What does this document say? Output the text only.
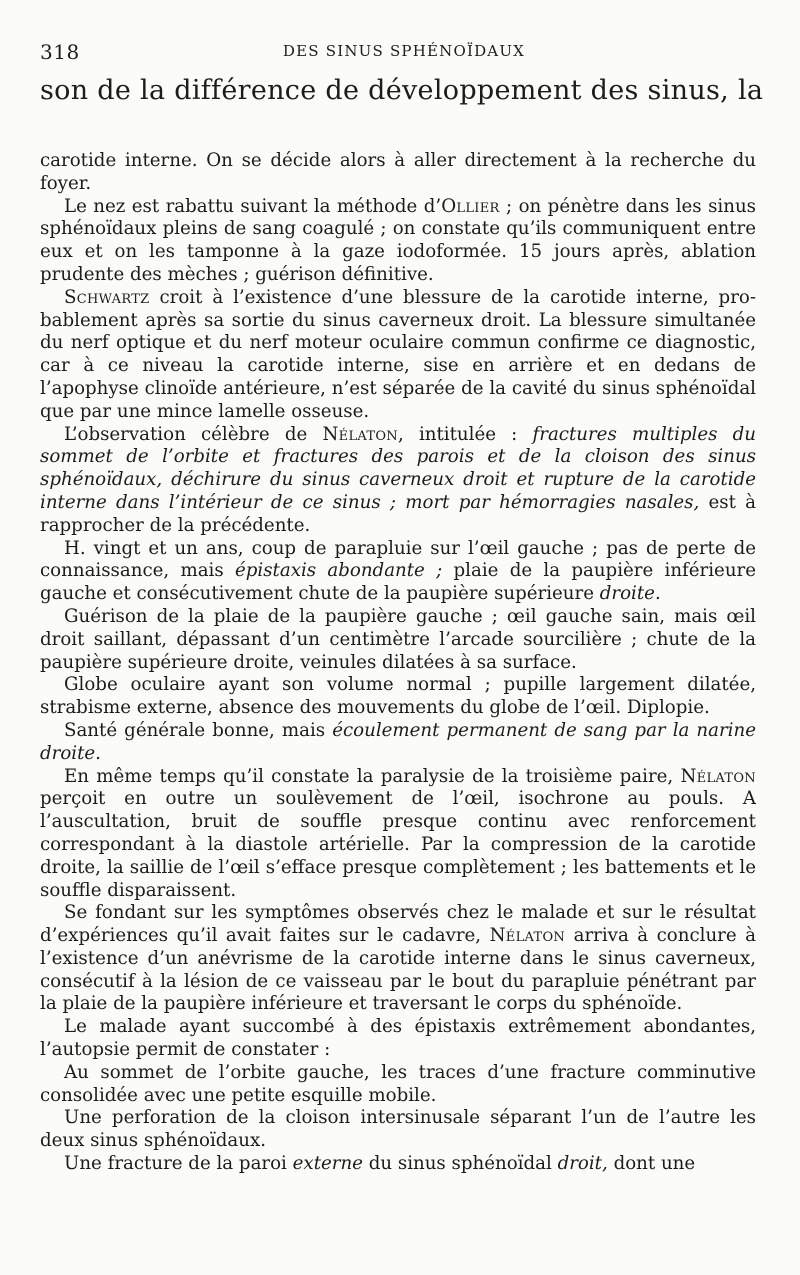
318	DES SINUS SPHÉNOÏDAUX
son de la différence de développement des sinus, la

carotide interne. On se décide alors à aller directement à la recherche du foyer.

Le nez est rabattu suivant la méthode d’Ollier ; on pénètre dans les sinus sphénoïdaux pleins de sang coagulé ; on constate qu’ils communiquent entre eux et on les tamponne à la gaze iodoformée. 15 jours après, ablation prudente des mèches ; guérison définitive.

Schwartz croit à l’existence d’une blessure de la carotide interne, probablement après sa sortie du sinus caverneux droit. La blessure simultanée du nerf optique et du nerf moteur oculaire commun confirme ce diagnostic, car à ce niveau la carotide interne, sise en arrière et en dedans de l’apophyse clinoïde antérieure, n’est séparée de la cavité du sinus sphénoïdal que par une mince lamelle osseuse.

L’observation célèbre de Nélaton, intitulée : fractures multiples du sommet de l’orbite et fractures des parois et de la cloison des sinus sphénoïdaux, déchirure du sinus caverneux droit et rupture de la carotide interne dans l’intérieur de ce sinus ; mort par hémorragies nasales, est à rapprocher de la précédente.

H. vingt et un ans, coup de parapluie sur l’œil gauche ; pas de perte de connaissance, mais épistaxis abondante ; plaie de la paupière inférieure gauche et consécutivement chute de la paupière supérieure droite.

Guérison de la plaie de la paupière gauche ; œil gauche sain, mais œil droit saillant, dépassant d’un centimètre l’arcade sourcilière ; chute de la paupière supérieure droite, veinules dilatées à sa surface.

Globe oculaire ayant son volume normal ; pupille largement dilatée, strabisme externe, absence des mouvements du globe de l’œil. Diplopie.

Santé générale bonne, mais écoulement permanent de sang par la narine droite.

En même temps qu’il constate la paralysie de la troisième paire, Nélaton perçoit en outre un soulèvement de l’œil, isochrone au pouls. A l’auscultation, bruit de souffle presque continu avec renforcement correspondant à la diastole artérielle. Par la compression de la carotide droite, la saillie de l’œil s’efface presque complètement ; les battements et le souffle disparaissent.

Se fondant sur les symptômes observés chez le malade et sur le résultat d’expériences qu’il avait faites sur le cadavre, Nélaton arriva à conclure à l’existence d’un anévrisme de la carotide interne dans le sinus caverneux, consécutif à la lésion de ce vaisseau par le bout du parapluie pénétrant par la plaie de la paupière inférieure et traversant le corps du sphénoïde.

Le malade ayant succombé à des épistaxis extrêmement abondantes, l’autopsie permit de constater :

Au sommet de l’orbite gauche, les traces d’une fracture comminutive consolidée avec une petite esquille mobile.

Une perforation de la cloison intersinusale séparant l’un de l’autre les deux sinus sphénoïdaux.

Une fracture de la paroi externe du sinus sphénoïdal droit, dont une
